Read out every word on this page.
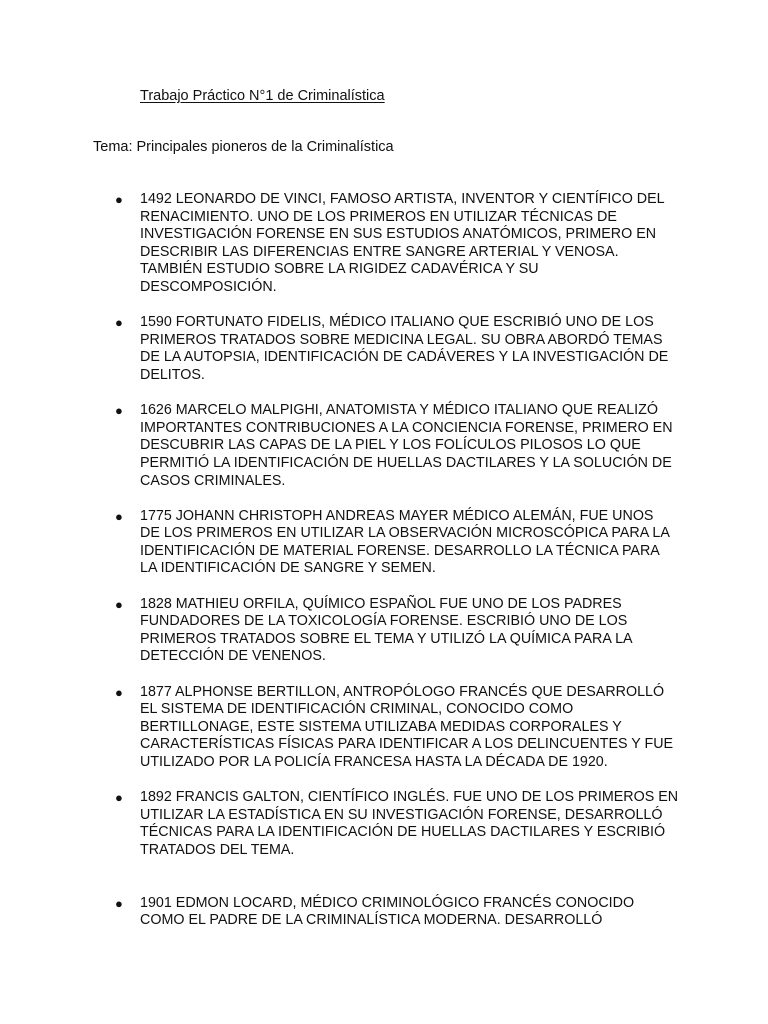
Trabajo Práctico N°1 de Criminalística
Tema: Principales pioneros de la Criminalística
● 1492 LEONARDO DE VINCI, FAMOSO ARTISTA, INVENTOR Y CIENTÍFICO DEL
RENACIMIENTO. UNO DE LOS PRIMEROS EN UTILIZAR TÉCNICAS DE
INVESTIGACIÓN FORENSE EN SUS ESTUDIOS ANATÓMICOS, PRIMERO EN
DESCRIBIR LAS DIFERENCIAS ENTRE SANGRE ARTERIAL Y VENOSA.
TAMBIÉN ESTUDIO SOBRE LA RIGIDEZ CADAVÉRICA Y SU
DESCOMPOSICIÓN.
● 1590 FORTUNATO FIDELIS, MÉDICO ITALIANO QUE ESCRIBIÓ UNO DE LOS
PRIMEROS TRATADOS SOBRE MEDICINA LEGAL. SU OBRA ABORDÓ TEMAS
DE LA AUTOPSIA, IDENTIFICACIÓN DE CADÁVERES Y LA INVESTIGACIÓN DE
DELITOS.
● 1626 MARCELO MALPIGHI, ANATOMISTA Y MÉDICO ITALIANO QUE REALIZÓ
IMPORTANTES CONTRIBUCIONES A LA CONCIENCIA FORENSE, PRIMERO EN
DESCUBRIR LAS CAPAS DE LA PIEL Y LOS FOLÍCULOS PILOSOS LO QUE
PERMITIÓ LA IDENTIFICACIÓN DE HUELLAS DACTILARES Y LA SOLUCIÓN DE
CASOS CRIMINALES.
● 1775 JOHANN CHRISTOPH ANDREAS MAYER MÉDICO ALEMÁN, FUE UNOS
DE LOS PRIMEROS EN UTILIZAR LA OBSERVACIÓN MICROSCÓPICA PARA LA
IDENTIFICACIÓN DE MATERIAL FORENSE. DESARROLLO LA TÉCNICA PARA
LA IDENTIFICACIÓN DE SANGRE Y SEMEN.
● 1828 MATHIEU ORFILA, QUÍMICO ESPAÑOL FUE UNO DE LOS PADRES
FUNDADORES DE LA TOXICOLOGÍA FORENSE. ESCRIBIÓ UNO DE LOS
PRIMEROS TRATADOS SOBRE EL TEMA Y UTILIZÓ LA QUÍMICA PARA LA
DETECCIÓN DE VENENOS.
● 1877 ALPHONSE BERTILLON, ANTROPÓLOGO FRANCÉS QUE DESARROLLÓ
EL SISTEMA DE IDENTIFICACIÓN CRIMINAL, CONOCIDO COMO
BERTILLONAGE, ESTE SISTEMA UTILIZABA MEDIDAS CORPORALES Y
CARACTERÍSTICAS FÍSICAS PARA IDENTIFICAR A LOS DELINCUENTES Y FUE
UTILIZADO POR LA POLICÍA FRANCESA HASTA LA DÉCADA DE 1920.
● 1892 FRANCIS GALTON, CIENTÍFICO INGLÉS. FUE UNO DE LOS PRIMEROS EN
UTILIZAR LA ESTADÍSTICA EN SU INVESTIGACIÓN FORENSE, DESARROLLÓ
TÉCNICAS PARA LA IDENTIFICACIÓN DE HUELLAS DACTILARES Y ESCRIBIÓ
TRATADOS DEL TEMA.
● 1901 EDMON LOCARD, MÉDICO CRIMINOLÓGICO FRANCÉS CONOCIDO
COMO EL PADRE DE LA CRIMINALÍSTICA MODERNA. DESARROLLÓ
